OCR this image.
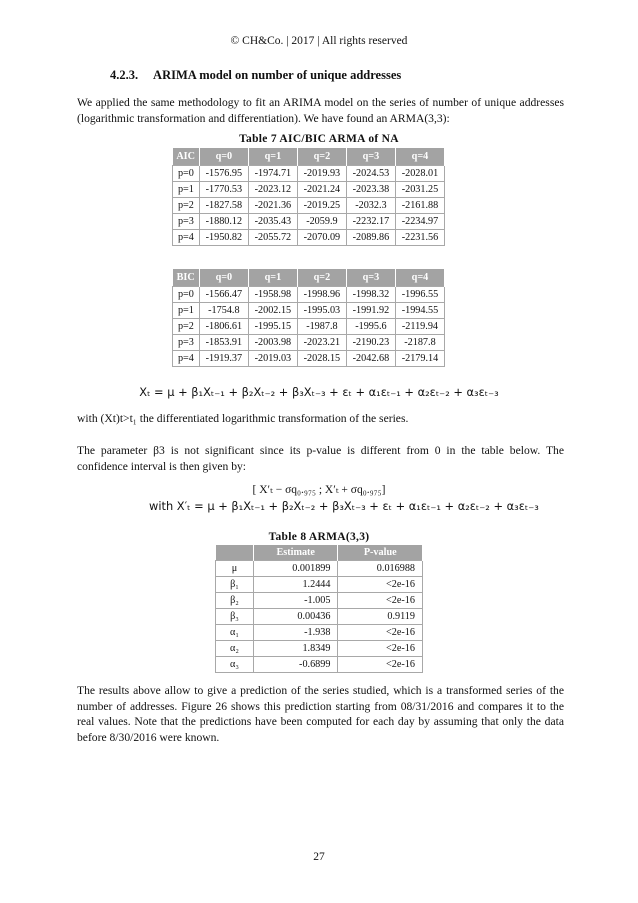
© CH&Co. | 2017 | All rights reserved
4.2.3.     ARIMA model on number of unique addresses
We applied the same methodology to fit an ARIMA model on the series of number of unique addresses (logarithmic transformation and differentiation). We have found an ARMA(3,3):
Table 7 AIC/BIC ARMA of NA
AIC	q=0	q=1	q=2	q=3	q=4
p=0	-1576.95	-1974.71	-2019.93	-2024.53	-2028.01
p=1	-1770.53	-2023.12	-2021.24	-2023.38	-2031.25
p=2	-1827.58	-2021.36	-2019.25	-2032.3	-2161.88
p=3	-1880.12	-2035.43	-2059.9	-2232.17	-2234.97
p=4	-1950.82	-2055.72	-2070.09	-2089.86	-2231.56
BIC	q=0	q=1	q=2	q=3	q=4
p=0	-1566.47	-1958.98	-1998.96	-1998.32	-1996.55
p=1	-1754.8	-2002.15	-1995.03	-1991.92	-1994.55
p=2	-1806.61	-1995.15	-1987.8	-1995.6	-2119.94
p=3	-1853.91	-2003.98	-2023.21	-2190.23	-2187.8
p=4	-1919.37	-2019.03	-2028.15	-2042.68	-2179.14
Xₜ = μ + β₁Xₜ₋₁ + β₂Xₜ₋₂ + β₃Xₜ₋₃ + εₜ + α₁εₜ₋₁ + α₂εₜ₋₂ + α₃εₜ₋₃
with (Xt)t>t₁ the differentiated logarithmic transformation of the series.
The parameter β3 is not significant since its p-value is different from 0 in the table below. The confidence interval is then given by:
[ X′ₜ − σq₀.₉₇₅ ; X′ₜ + σq₀.₉₇₅]
with X′ₜ = μ + β₁Xₜ₋₁ + β₂Xₜ₋₂ + β₃Xₜ₋₃ + εₜ + α₁εₜ₋₁ + α₂εₜ₋₂ + α₃εₜ₋₃
Table 8 ARMA(3,3)
	Estimate	P-value
μ	0.001899	0.016988
β₁	1.2444	<2e-16
β₂	-1.005	<2e-16
β₃	0.00436	0.9119
α₁	-1.938	<2e-16
α₂	1.8349	<2e-16
α₃	-0.6899	<2e-16
The results above allow to give a prediction of the series studied, which is a transformed series of the number of addresses. Figure 26 shows this prediction starting from 08/31/2016 and compares it to the real values. Note that the predictions have been computed for each day by assuming that only the data before 8/30/2016 were known.
27
